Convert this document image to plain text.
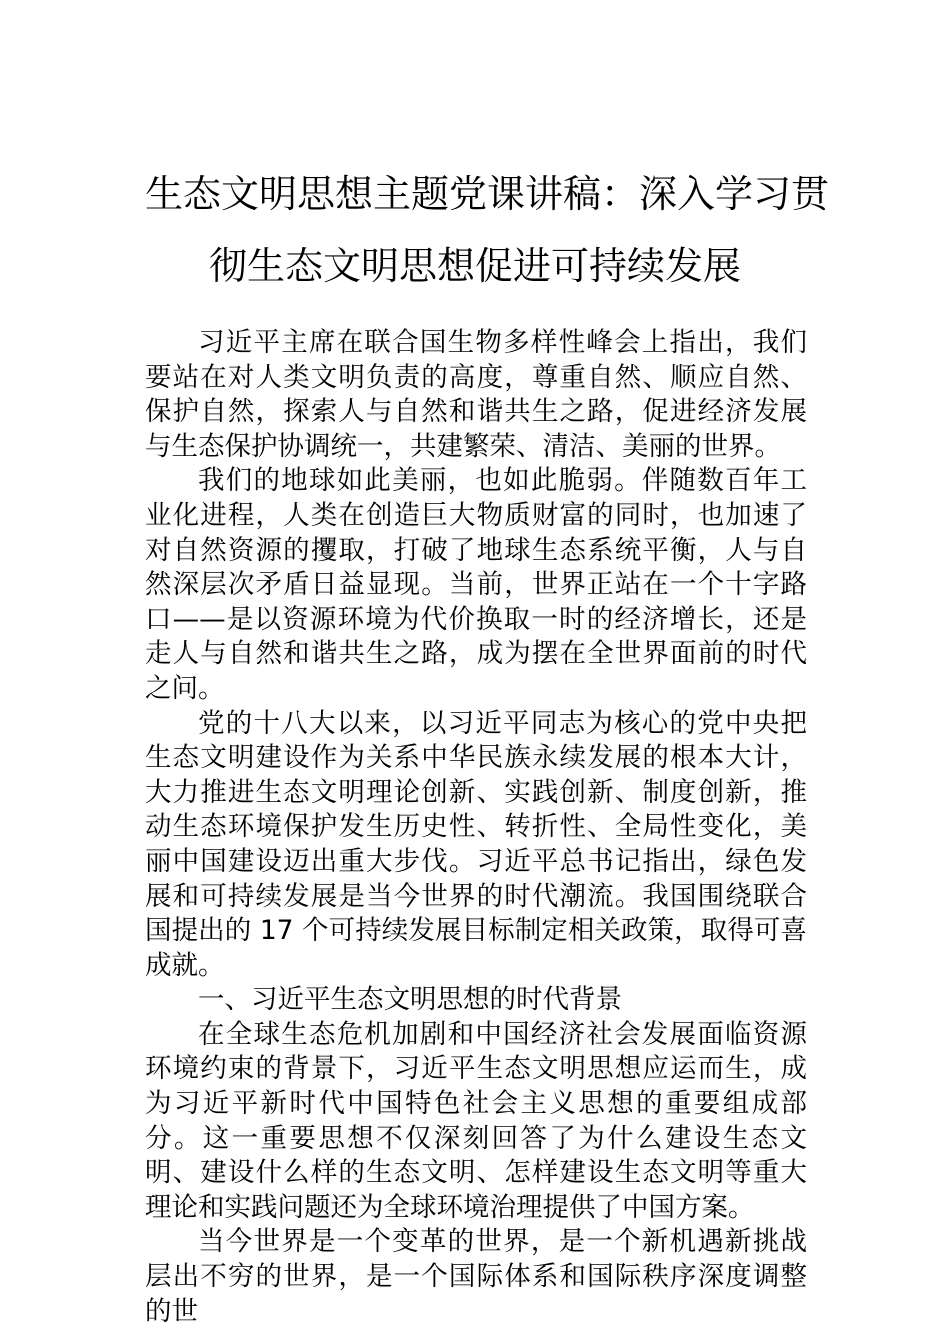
生态文明思想主题党课讲稿：深入学习贯
彻生态文明思想促进可持续发展

习近平主席在联合国生物多样性峰会上指出，我们要站在对人类文明负责的高度，尊重自然、顺应自然、保护自然，探索人与自然和谐共生之路，促进经济发展与生态保护协调统一，共建繁荣、清洁、美丽的世界。

我们的地球如此美丽，也如此脆弱。伴随数百年工业化进程，人类在创造巨大物质财富的同时，也加速了对自然资源的攫取，打破了地球生态系统平衡，人与自然深层次矛盾日益显现。当前，世界正站在一个十字路口——是以资源环境为代价换取一时的经济增长，还是走人与自然和谐共生之路，成为摆在全世界面前的时代之问。

党的十八大以来，以习近平同志为核心的党中央把生态文明建设作为关系中华民族永续发展的根本大计，大力推进生态文明理论创新、实践创新、制度创新，推动生态环境保护发生历史性、转折性、全局性变化，美丽中国建设迈出重大步伐。习近平总书记指出，绿色发展和可持续发展是当今世界的时代潮流。我国围绕联合国提出的 17 个可持续发展目标制定相关政策，取得可喜成就。

一、习近平生态文明思想的时代背景

在全球生态危机加剧和中国经济社会发展面临资源环境约束的背景下，习近平生态文明思想应运而生，成为习近平新时代中国特色社会主义思想的重要组成部分。这一重要思想不仅深刻回答了为什么建设生态文明、建设什么样的生态文明、怎样建设生态文明等重大理论和实践问题还为全球环境治理提供了中国方案。

当今世界是一个变革的世界，是一个新机遇新挑战层出不穷的世界，是一个国际体系和国际秩序深度调整的世
